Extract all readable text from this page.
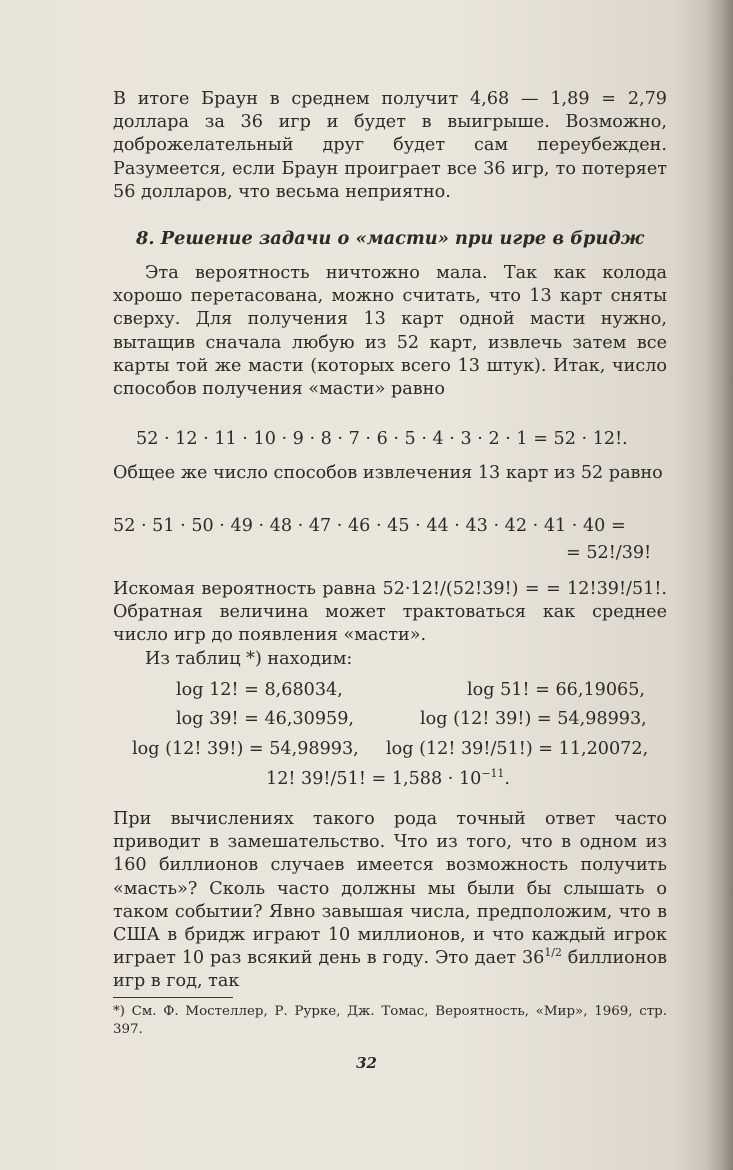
В итоге Браун в среднем получит 4,68 — 1,89 = 2,79 доллара за 36 игр и будет в выигрыше. Возможно, доброжелательный друг будет сам переубежден. Разумеется, если Браун проиграет все 36 игр, то потеряет 56 долларов, что весьма неприятно.

8. Решение задачи о «масти» при игре в бридж

Эта вероятность ничтожно мала. Так как колода хорошо перетасована, можно считать, что 13 карт сняты сверху. Для получения 13 карт одной масти нужно, вытащив сначала любую из 52 карт, извлечь затем все карты той же масти (которых всего 13 штук). Итак, число способов получения «масти» равно

52 · 12 · 11 · 10 · 9 · 8 · 7 · 6 · 5 · 4 · 3 · 2 · 1 = 52 · 12!.

Общее же число способов извлечения 13 карт из 52 равно

52 · 51 · 50 · 49 · 48 · 47 · 46 · 45 · 44 · 43 · 42 · 41 · 40 =

= 52!/39!

Искомая вероятность равна 52·12!/(52!39!) = = 12!39!/51!. Обратная величина может трактоваться как среднее число игр до появления «масти».

Из таблиц *) находим:

log 12! = 8,68034,	log 51! = 66,19065,
log 39! = 46,30959,	log (12! 39!) = 54,98993,
log (12! 39!) = 54,98993, log (12! 39!/51!) = 11,20072,
12! 39!/51! = $1,588 \cdot 10^{-11}$.

При вычислениях такого рода точный ответ часто приводит в замешательство. Что из того, что в одном из 160 биллионов случаев имеется возможность получить «масть»? Сколь часто должны мы были бы слышать о таком событии? Явно завышая числа, предположим, что в США в бридж играют 10 миллионов, и что каждый игрок играет 10 раз всякий день в году. Это дает $36^{1/2}$ биллионов игр в год, так

*) См. Ф. Мостеллер, Р. Рурке, Дж. Томас, Вероятность, «Мир», 1969, стр. 397.

32
